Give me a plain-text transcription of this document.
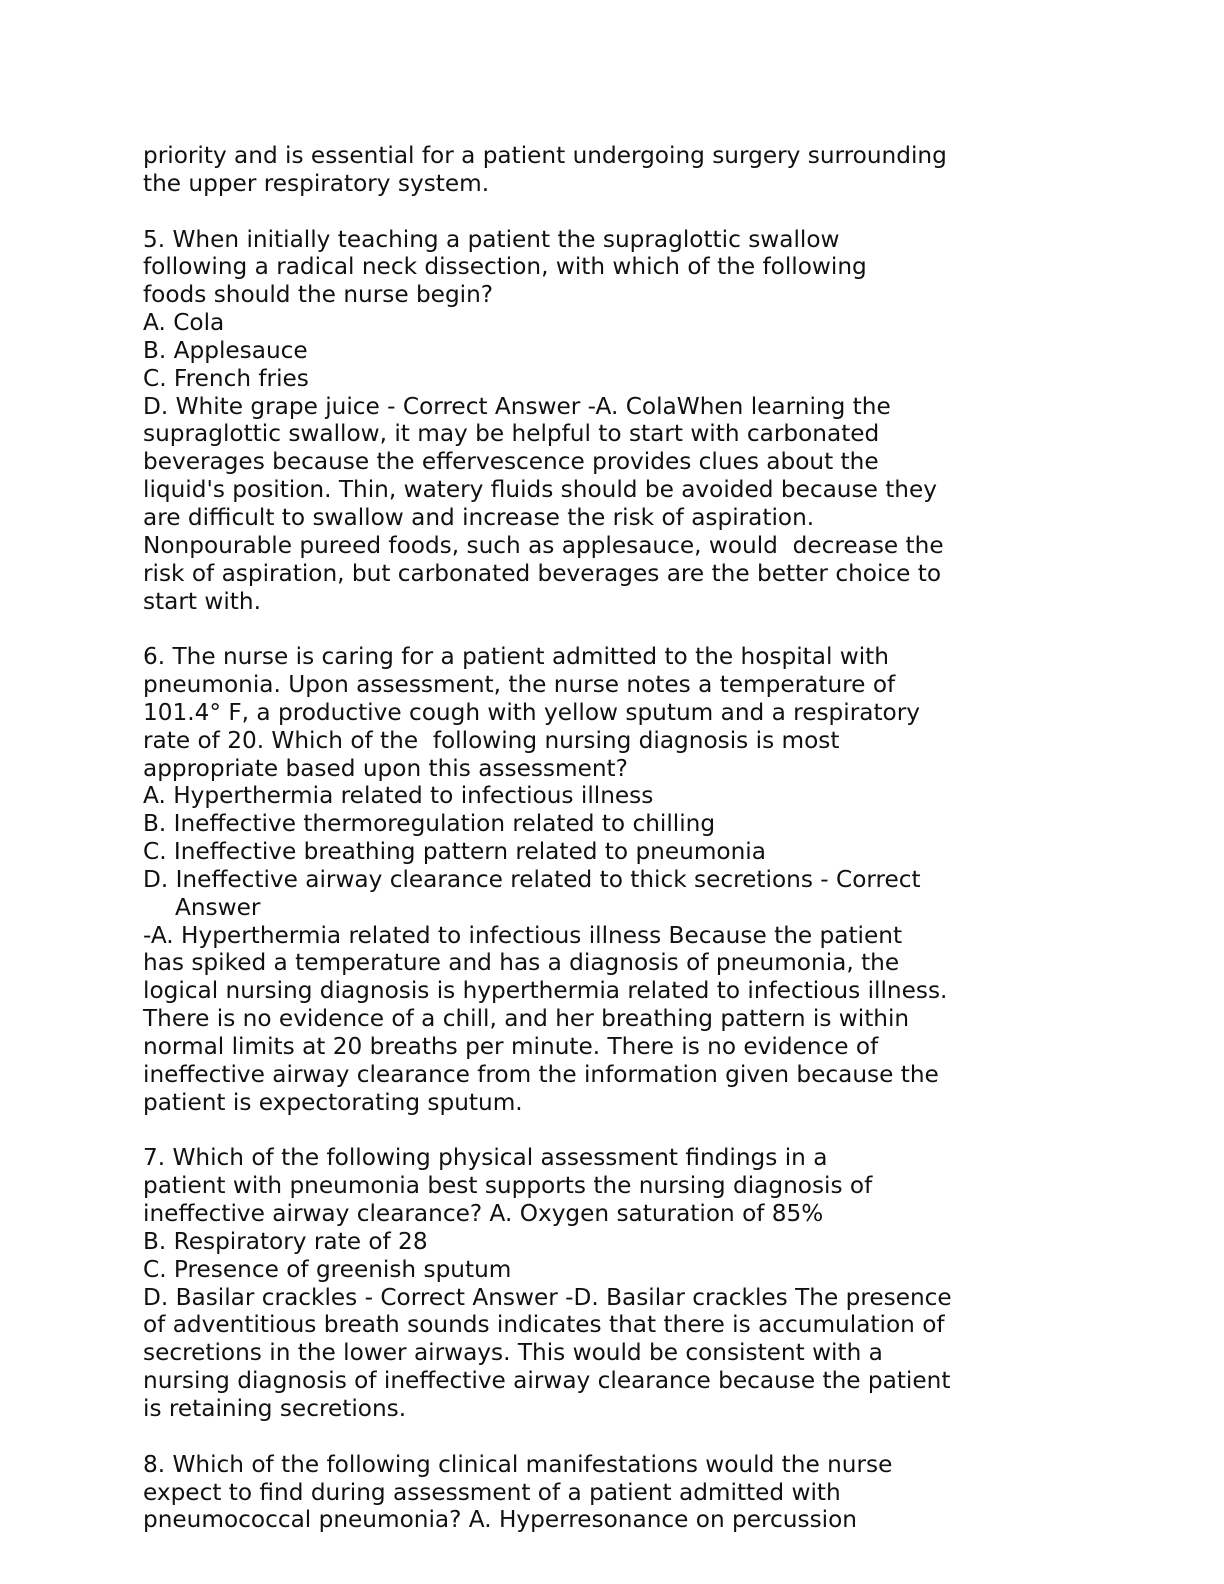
priority and is essential for a patient undergoing surgery surrounding
the upper respiratory system.
5. When initially teaching a patient the supraglottic swallow
following a radical neck dissection, with which of the following
foods should the nurse begin?
A. Cola
B. Applesauce
C. French fries
D. White grape juice - Correct Answer -A. ColaWhen learning the
supraglottic swallow, it may be helpful to start with carbonated
beverages because the effervescence provides clues about the
liquid's position. Thin, watery fluids should be avoided because they
are difficult to swallow and increase the risk of aspiration.
Nonpourable pureed foods, such as applesauce, would  decrease the
risk of aspiration, but carbonated beverages are the better choice to
start with.
6. The nurse is caring for a patient admitted to the hospital with
pneumonia. Upon assessment, the nurse notes a temperature of
101.4° F, a productive cough with yellow sputum and a respiratory
rate of 20. Which of the  following nursing diagnosis is most
appropriate based upon this assessment?
A. Hyperthermia related to infectious illness
B. Ineffective thermoregulation related to chilling
C. Ineffective breathing pattern related to pneumonia
D. Ineffective airway clearance related to thick secretions - Correct
Answer
-A. Hyperthermia related to infectious illness Because the patient
has spiked a temperature and has a diagnosis of pneumonia, the
logical nursing diagnosis is hyperthermia related to infectious illness.
There is no evidence of a chill, and her breathing pattern is within
normal limits at 20 breaths per minute. There is no evidence of
ineffective airway clearance from the information given because the
patient is expectorating sputum.
7. Which of the following physical assessment findings in a
patient with pneumonia best supports the nursing diagnosis of
ineffective airway clearance? A. Oxygen saturation of 85%
B. Respiratory rate of 28
C. Presence of greenish sputum
D. Basilar crackles - Correct Answer -D. Basilar crackles The presence
of adventitious breath sounds indicates that there is accumulation of
secretions in the lower airways. This would be consistent with a
nursing diagnosis of ineffective airway clearance because the patient
is retaining secretions.
8. Which of the following clinical manifestations would the nurse
expect to find during assessment of a patient admitted with
pneumococcal pneumonia? A. Hyperresonance on percussion
